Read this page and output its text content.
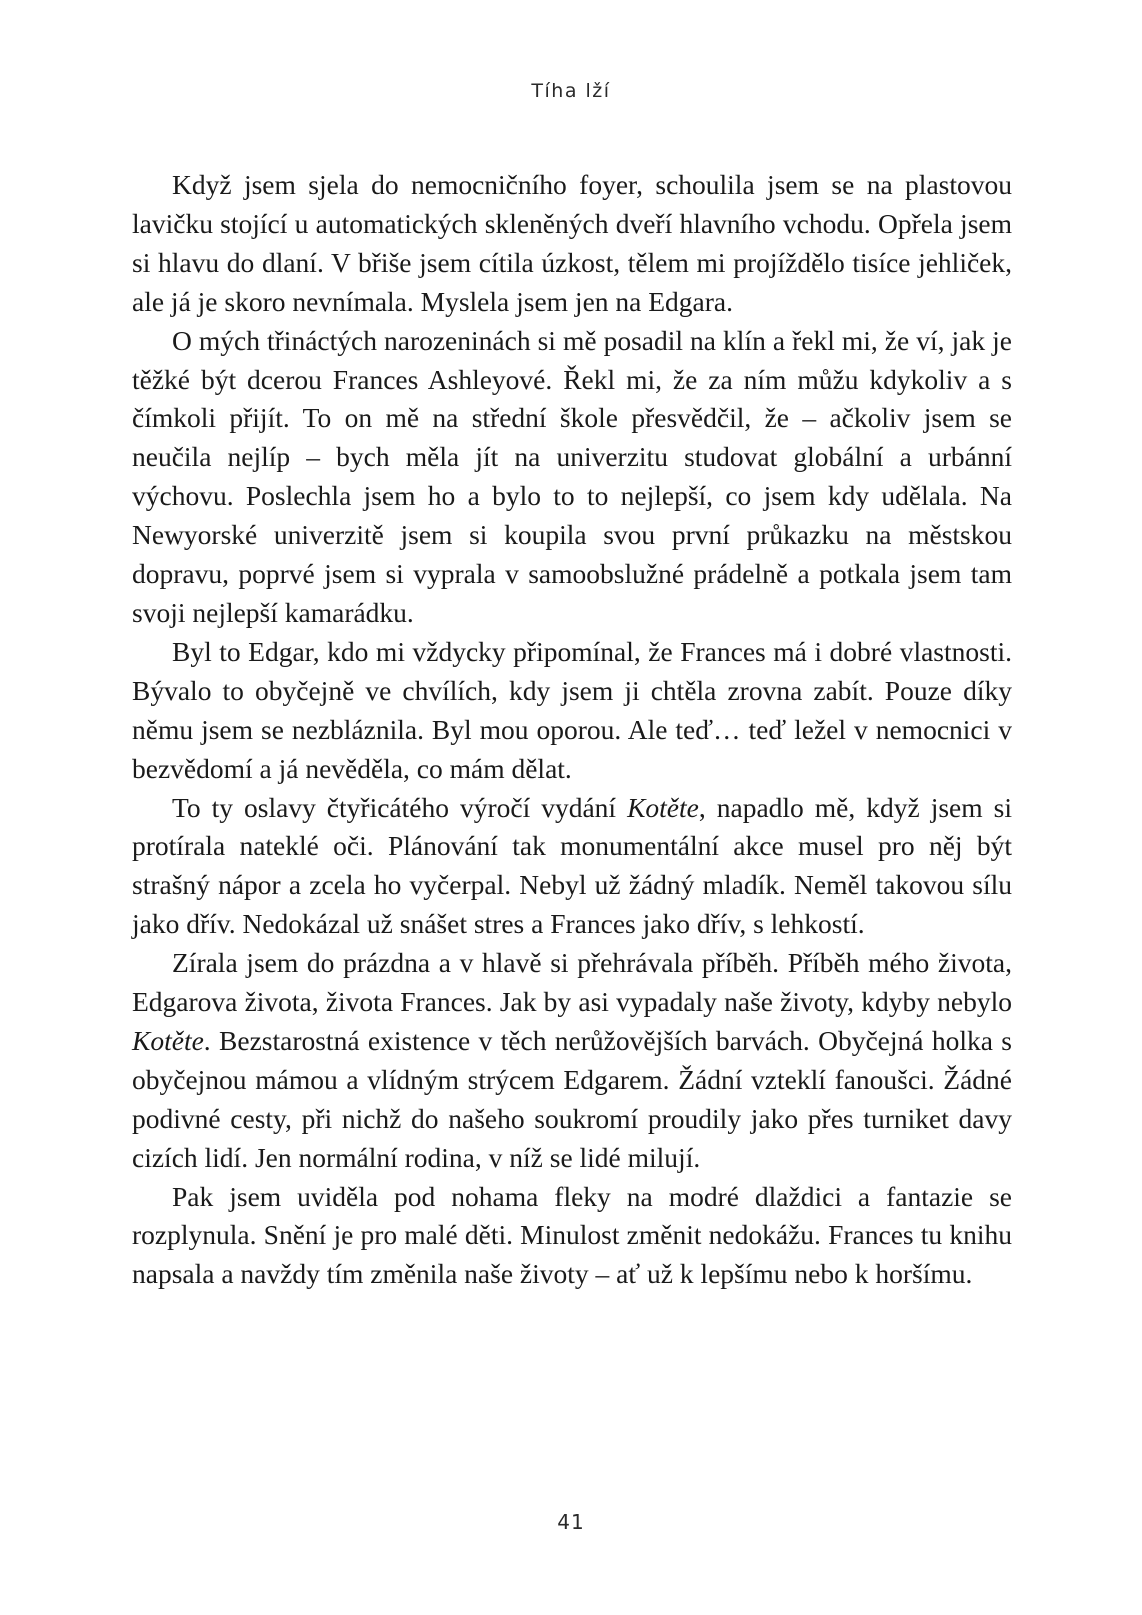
Tíha lží

Když jsem sjela do nemocničního foyer, schoulila jsem se na plastovou lavičku stojící u automatických skleněných dveří hlavního vchodu. Opřela jsem si hlavu do dlaní. V břiše jsem cítila úzkost, tělem mi projíždělo tisíce jehliček, ale já je skoro nevnímala. Myslela jsem jen na Edgara.

O mých třináctých narozeninách si mě posadil na klín a řekl mi, že ví, jak je těžké být dcerou Frances Ashleyové. Řekl mi, že za ním můžu kdykoliv a s čímkoli přijít. To on mě na střední škole přesvědčil, že – ačkoliv jsem se neučila nejlíp – bych měla jít na univerzitu studovat globální a urbánní výchovu. Poslechla jsem ho a bylo to to nejlepší, co jsem kdy udělala. Na Newyorské univerzitě jsem si koupila svou první průkazku na městskou dopravu, poprvé jsem si vyprala v samoobslužné prádelně a potkala jsem tam svoji nejlepší kamarádku.

Byl to Edgar, kdo mi vždycky připomínal, že Frances má i dobré vlastnosti. Bývalo to obyčejně ve chvílích, kdy jsem ji chtěla zrovna zabít. Pouze díky němu jsem se nezbláznila. Byl mou oporou. Ale teď… teď ležel v nemocnici v bezvědomí a já nevěděla, co mám dělat.

To ty oslavy čtyřicátého výročí vydání Kotěte, napadlo mě, když jsem si protírala nateklé oči. Plánování tak monumentální akce musel pro něj být strašný nápor a zcela ho vyčerpal. Nebyl už žádný mladík. Neměl takovou sílu jako dřív. Nedokázal už snášet stres a Frances jako dřív, s lehkostí.

Zírala jsem do prázdna a v hlavě si přehrávala příběh. Příběh mého života, Edgarova života, života Frances. Jak by asi vypadaly naše životy, kdyby nebylo Kotěte. Bezstarostná existence v těch nerůžovějších barvách. Obyčejná holka s obyčejnou mámou a vlídným strýcem Edgarem. Žádní vzteklí fanoušci. Žádné podivné cesty, při nichž do našeho soukromí proudily jako přes turniket davy cizích lidí. Jen normální rodina, v níž se lidé milují.

Pak jsem uviděla pod nohama fleky na modré dlaždici a fantazie se rozplynula. Snění je pro malé děti. Minulost změnit nedokážu. Frances tu knihu napsala a navždy tím změnila naše životy – ať už k lepšímu nebo k horšímu.

41
